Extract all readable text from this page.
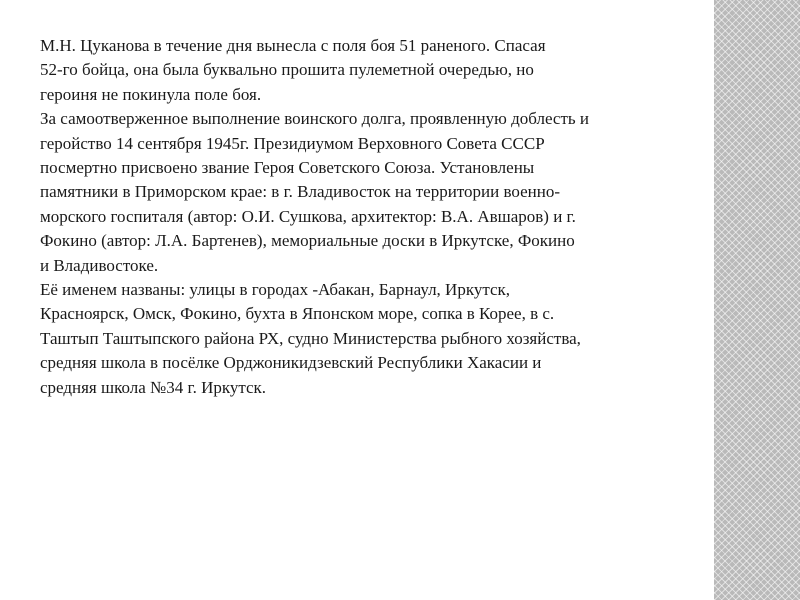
М.Н. Цуканова в течение дня вынесла с поля боя 51 раненого. Спасая
52-го бойца, она была буквально прошита пулеметной очередью, но
героиня не покинула поле боя.

За самоотверженное выполнение воинского долга, проявленную доблесть и
геройство 14 сентября 1945г. Президиумом Верховного Совета СССР
посмертно присвоено звание Героя Советского Союза. Установлены
памятники в Приморском крае: в г. Владивосток на территории военно-
морского госпиталя (автор: О.И. Сушкова, архитектор: В.А. Авшаров) и г.
Фокино (автор: Л.А. Бартенев), мемориальные доски в Иркутске, Фокино
и Владивостоке.

Её именем названы: улицы в городах -Абакан, Барнаул, Иркутск,
Красноярск, Омск, Фокино, бухта в Японском море, сопка в Корее, в с.
Таштып Таштыпского района РХ, судно Министерства рыбного хозяйства,
средняя школа в посёлке Орджоникидзевский Республики Хакасии и
средняя школа №34 г. Иркутск.
